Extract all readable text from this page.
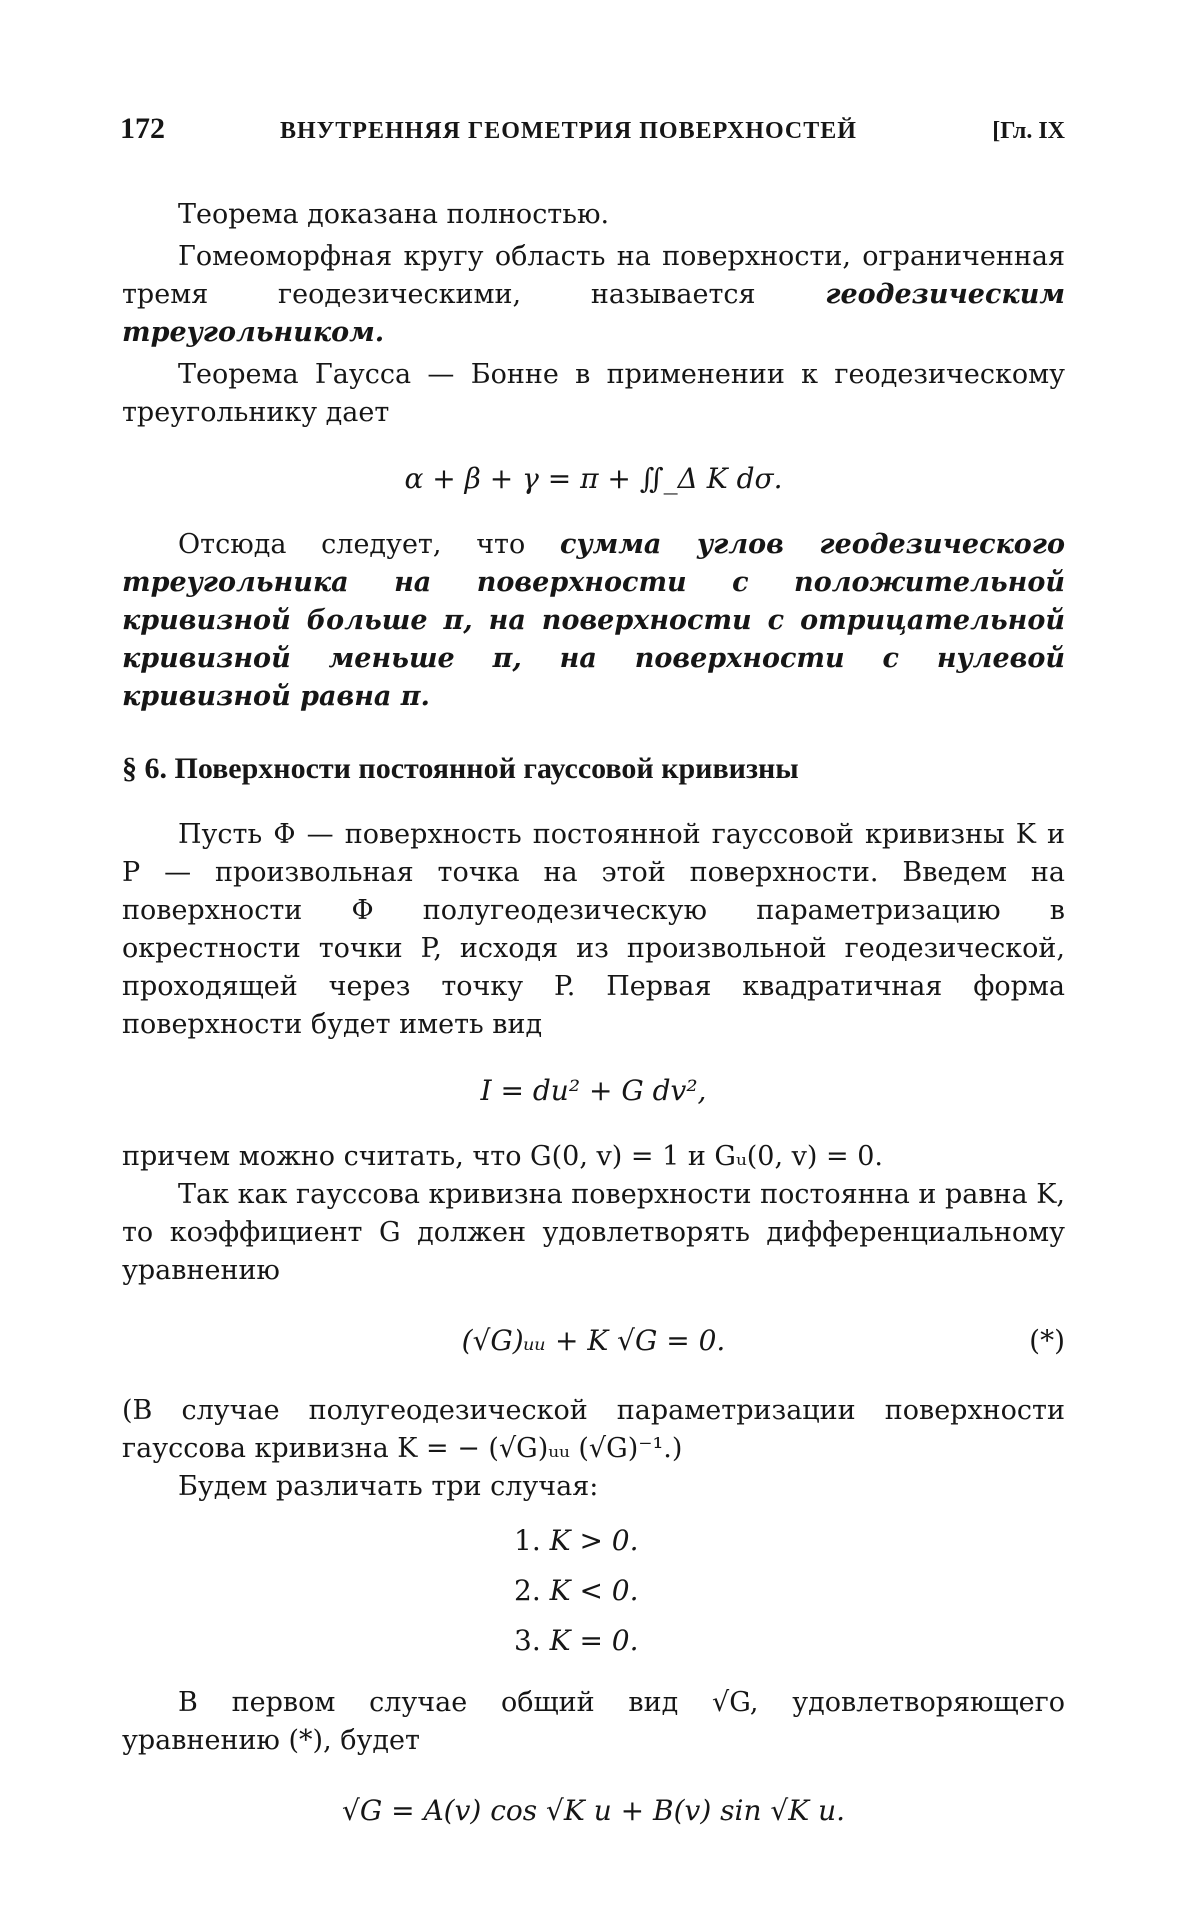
172	ВНУТРЕННЯЯ ГЕОМЕТРИЯ ПОВЕРХНОСТЕЙ	[Гл. IX

Теорема доказана полностью.

Гомеоморфная кругу область на поверхности, ограниченная тремя геодезическими, называется геодезическим треугольником.

Теорема Гаусса — Бонне в применении к геодезическому треугольнику дает

α + β + γ = π + ∬_Δ K dσ.

Отсюда следует, что сумма углов геодезического треугольника на поверхности с положительной кривизной больше π, на поверхности с отрицательной кривизной меньше π, на поверхности с нулевой кривизной равна π.

§ 6. Поверхности постоянной гауссовой кривизны

Пусть Φ — поверхность постоянной гауссовой кривизны K и P — произвольная точка на этой поверхности. Введем на поверхности Φ полугеодезическую параметризацию в окрестности точки P, исходя из произвольной геодезической, проходящей через точку P. Первая квадратичная форма поверхности будет иметь вид

I = du² + G dv²,

причем можно считать, что G(0, v) = 1 и Gᵤ(0, v) = 0.

Так как гауссова кривизна поверхности постоянна и равна K, то коэффициент G должен удовлетворять дифференциальному уравнению

(√G)ᵤᵤ + K √G = 0.	(*)

(В случае полугеодезической параметризации поверхности гауссова кривизна K = − (√G)ᵤᵤ (√G)⁻¹.)

Будем различать три случая:

1. K > 0.
2. K < 0.
3. K = 0.

В первом случае общий вид √G, удовлетворяющего уравнению (*), будет

√G = A(v) cos √K u + B(v) sin √K u.
